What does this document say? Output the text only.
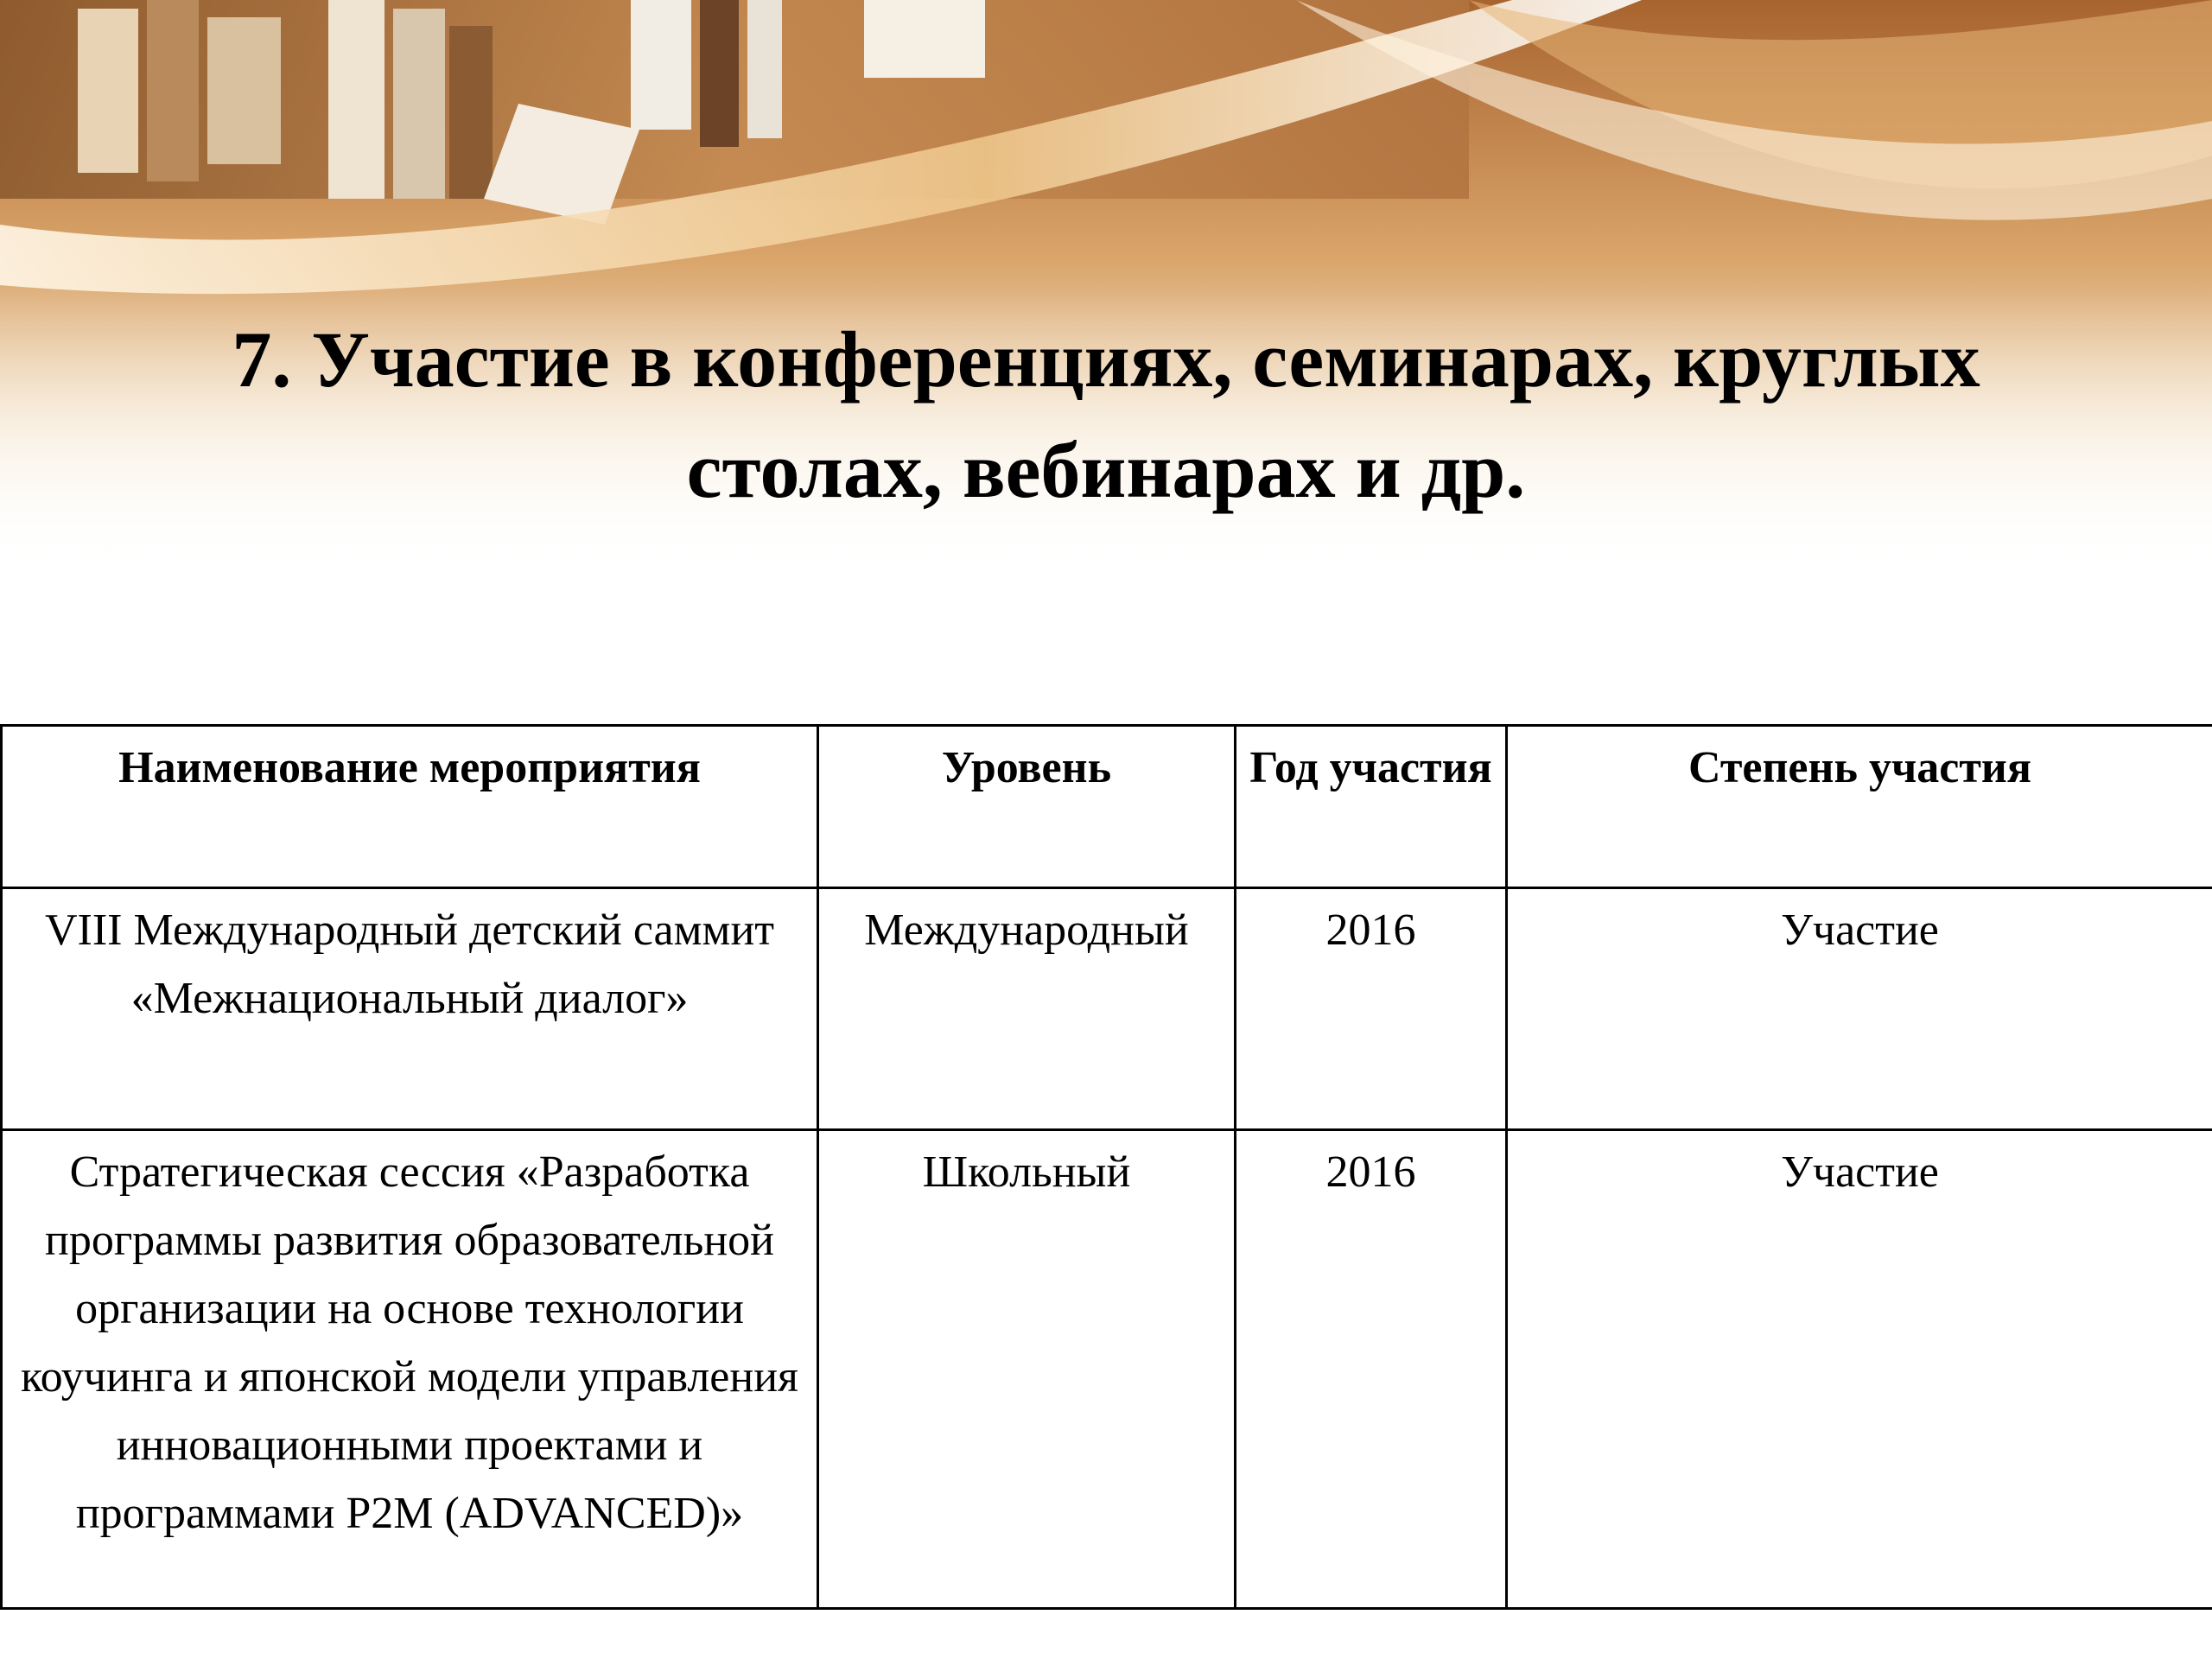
7. Участие в конференциях, семинарах, круглых
столах, вебинарах и др.
Наименование мероприятия	Уровень	Год участия	Степень участия
VIII Международный детский саммит «Межнациональный диалог»	Международный	2016	Участие
Стратегическая сессия «Разработка программы развития образовательной организации на основе технологии коучинга и японской модели управления инновационными проектами и программами P2M (ADVANCED)»	Школьный	2016	Участие
